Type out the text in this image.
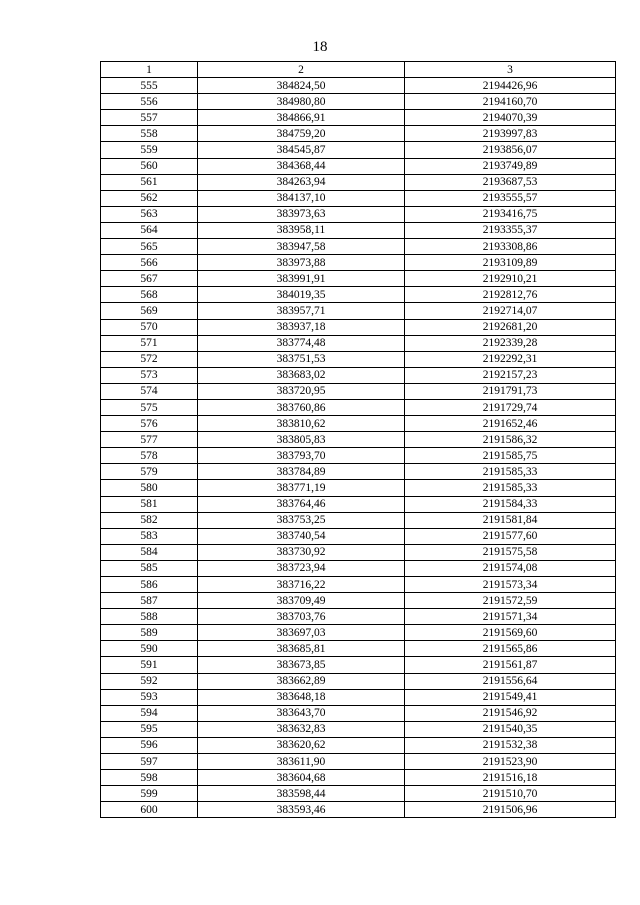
18
1	2	3
555	384824,50	2194426,96
556	384980,80	2194160,70
557	384866,91	2194070,39
558	384759,20	2193997,83
559	384545,87	2193856,07
560	384368,44	2193749,89
561	384263,94	2193687,53
562	384137,10	2193555,57
563	383973,63	2193416,75
564	383958,11	2193355,37
565	383947,58	2193308,86
566	383973,88	2193109,89
567	383991,91	2192910,21
568	384019,35	2192812,76
569	383957,71	2192714,07
570	383937,18	2192681,20
571	383774,48	2192339,28
572	383751,53	2192292,31
573	383683,02	2192157,23
574	383720,95	2191791,73
575	383760,86	2191729,74
576	383810,62	2191652,46
577	383805,83	2191586,32
578	383793,70	2191585,75
579	383784,89	2191585,33
580	383771,19	2191585,33
581	383764,46	2191584,33
582	383753,25	2191581,84
583	383740,54	2191577,60
584	383730,92	2191575,58
585	383723,94	2191574,08
586	383716,22	2191573,34
587	383709,49	2191572,59
588	383703,76	2191571,34
589	383697,03	2191569,60
590	383685,81	2191565,86
591	383673,85	2191561,87
592	383662,89	2191556,64
593	383648,18	2191549,41
594	383643,70	2191546,92
595	383632,83	2191540,35
596	383620,62	2191532,38
597	383611,90	2191523,90
598	383604,68	2191516,18
599	383598,44	2191510,70
600	383593,46	2191506,96
